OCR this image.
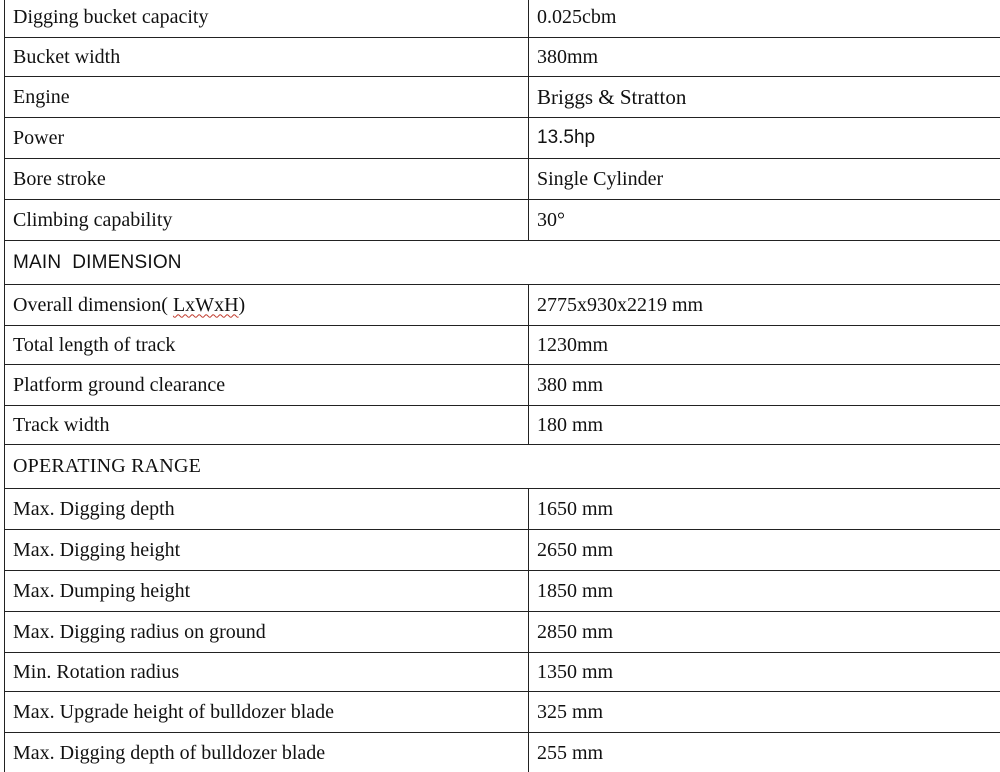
Digging bucket capacity	0.025cbm
Bucket width	380mm
Engine	Briggs & Stratton
Power	13.5hp
Bore stroke	Single Cylinder
Climbing capability	30°
MAIN  DIMENSION	
Overall dimension( LxWxH)	2775x930x2219 mm
Total length of track	1230mm
Platform ground clearance	380 mm
Track width	180 mm
OPERATING RANGE	
Max. Digging depth	1650 mm
Max. Digging height	2650 mm
Max. Dumping height	1850 mm
Max. Digging radius on ground	2850 mm
Min. Rotation radius	1350 mm
Max. Upgrade height of bulldozer blade	325 mm
Max. Digging depth of bulldozer blade	255 mm
